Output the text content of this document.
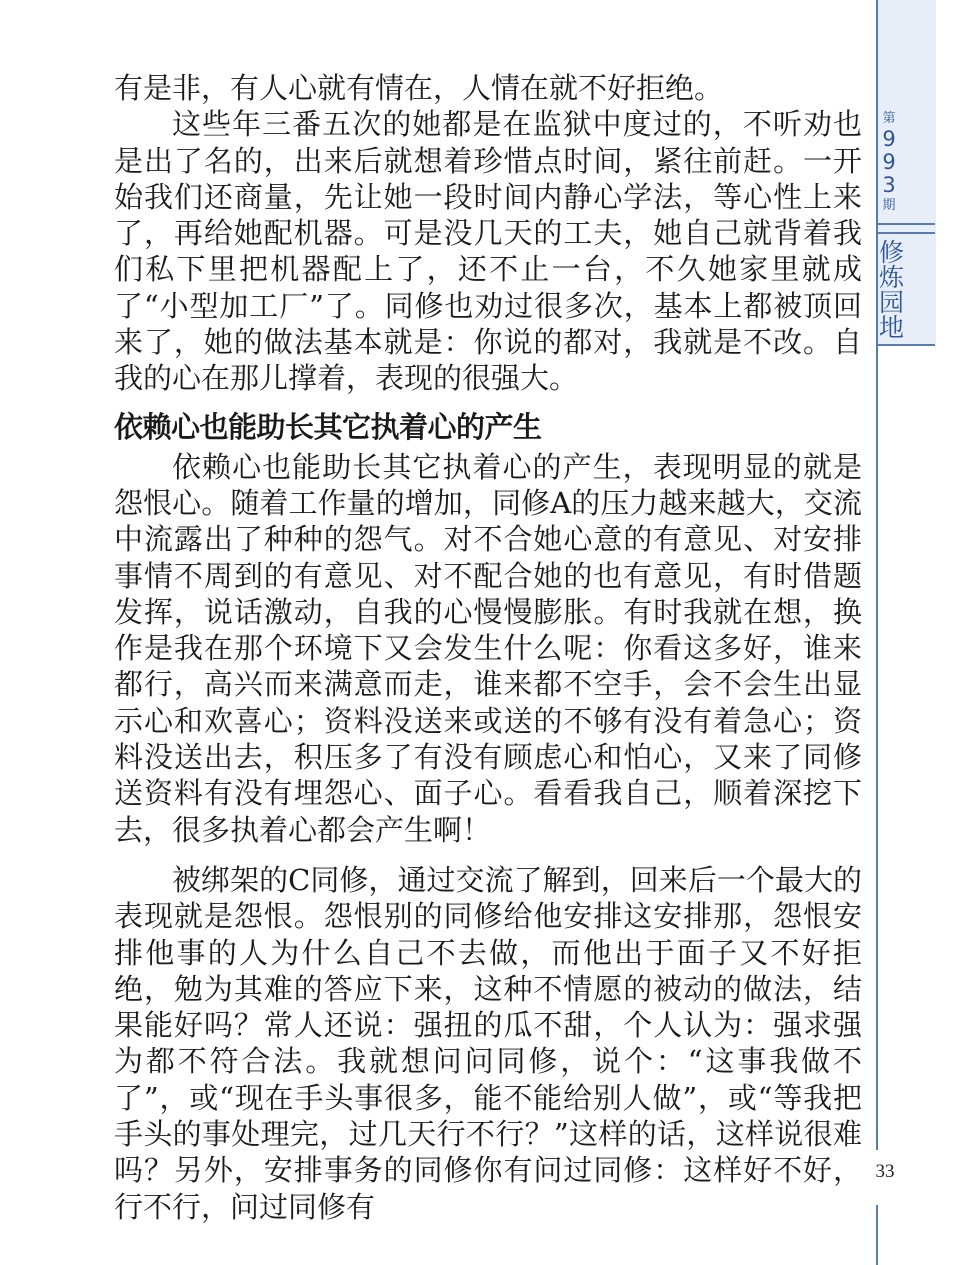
第
9
9
3
期
修
炼
园
地

有是非，有人心就有情在，人情在就不好拒绝。

这些年三番五次的她都是在监狱中度过的，不听劝也是出了名的，出来后就想着珍惜点时间，紧往前赶。一开始我们还商量，先让她一段时间内静心学法，等心性上来了，再给她配机器。可是没几天的工夫，她自己就背着我们私下里把机器配上了，还不止一台，不久她家里就成了“小型加工厂”了。同修也劝过很多次，基本上都被顶回来了，她的做法基本就是：你说的都对，我就是不改。自我的心在那儿撑着，表现的很强大。

依赖心也能助长其它执着心的产生

依赖心也能助长其它执着心的产生，表现明显的就是怨恨心。随着工作量的增加，同修A的压力越来越大，交流中流露出了种种的怨气。对不合她心意的有意见、对安排事情不周到的有意见、对不配合她的也有意见，有时借题发挥，说话激动，自我的心慢慢膨胀。有时我就在想，换作是我在那个环境下又会发生什么呢：你看这多好，谁来都行，高兴而来满意而走，谁来都不空手，会不会生出显示心和欢喜心；资料没送来或送的不够有没有着急心；资料没送出去，积压多了有没有顾虑心和怕心，又来了同修送资料有没有埋怨心、面子心。看看我自己，顺着深挖下去，很多执着心都会产生啊！

被绑架的C同修，通过交流了解到，回来后一个最大的表现就是怨恨。怨恨别的同修给他安排这安排那，怨恨安排他事的人为什么自己不去做，而他出于面子又不好拒绝，勉为其难的答应下来，这种不情愿的被动的做法，结果能好吗？常人还说：强扭的瓜不甜，个人认为：强求强为都不符合法。我就想问问同修，说个：“这事我做不了”，或“现在手头事很多，能不能给别人做”，或“等我把手头的事处理完，过几天行不行？”这样的话，这样说很难吗？另外，安排事务的同修你有问过同修：这样好不好，行不行，问过同修有

33
